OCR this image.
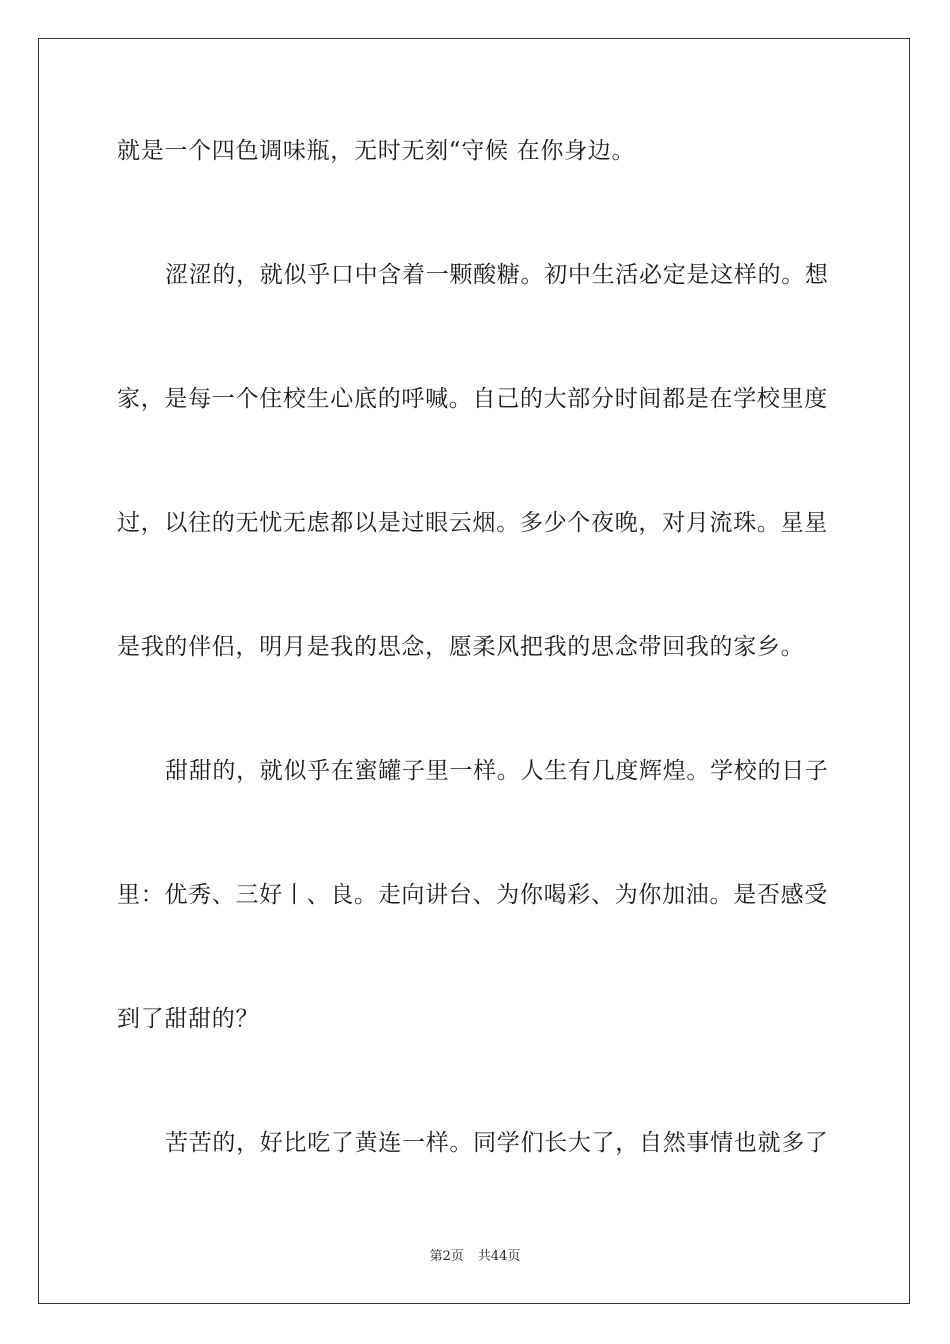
就是一个四色调味瓶，无时无刻“守候 在你身边。
涩涩的，就似乎口中含着一颗酸糖。初中生活必定是这样的。想
家，是每一个住校生心底的呼喊。自己的大部分时间都是在学校里度
过，以往的无忧无虑都以是过眼云烟。多少个夜晚，对月流珠。星星
是我的伴侣，明月是我的思念，愿柔风把我的思念带回我的家乡。
甜甜的，就似乎在蜜罐子里一样。人生有几度辉煌。学校的日子
里：优秀、三好丨、良。走向讲台、为你喝彩、为你加油。是否感受
到了甜甜的？
苦苦的，好比吃了黄连一样。同学们长大了，自然事情也就多了
第2页 共44页
